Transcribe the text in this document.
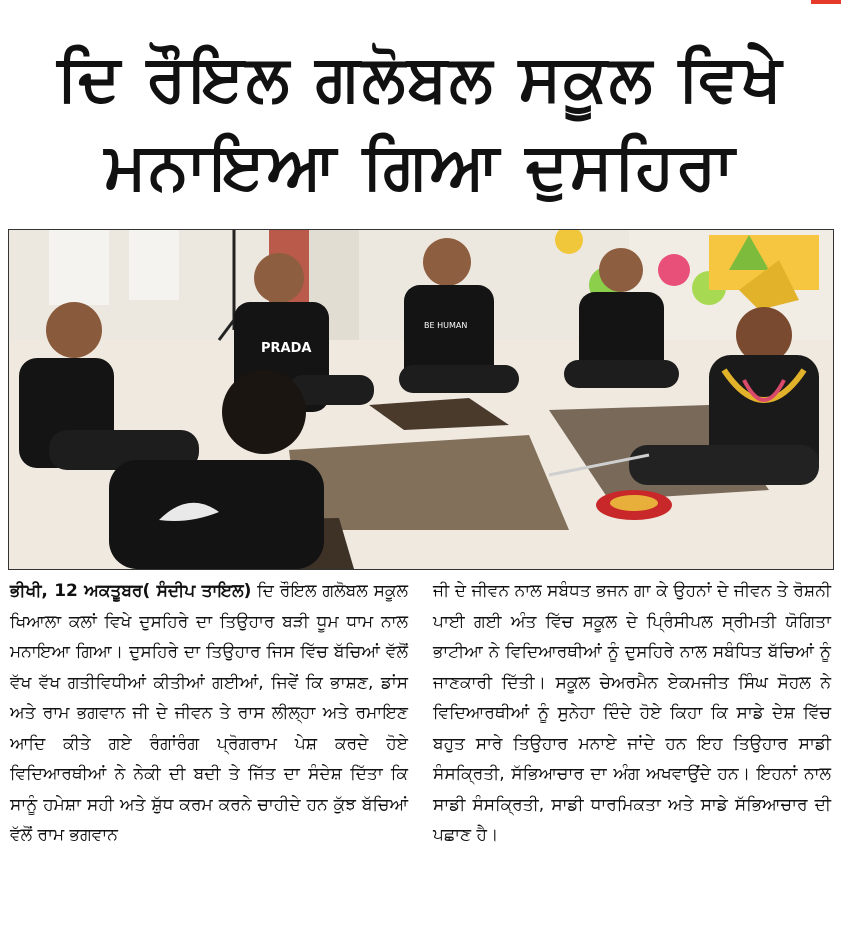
ਦਿ ਰੌਇਲ ਗਲੋਬਲ ਸਕੂਲ ਵਿਖੇ
ਮਨਾਇਆ ਗਿਆ ਦੁਸਹਿਰਾ
PRADA
BE HUMAN
ਭੀਖੀ, 12 ਅਕਤੂਬਰ( ਸੰਦੀਪ ਤਾਇਲ) ਦਿ ਰੌਇਲ ਗਲੋਬਲ ਸਕੂਲ ਖਿਆਲਾ ਕਲਾਂ ਵਿਖੇ ਦੁਸਹਿਰੇ ਦਾ ਤਿਉਹਾਰ ਬੜੀ ਧੂਮ ਧਾਮ ਨਾਲ ਮਨਾਇਆ ਗਿਆ। ਦੁਸਹਿਰੇ ਦਾ ਤਿਉਹਾਰ ਜਿਸ ਵਿੱਚ ਬੱਚਿਆਂ ਵੱਲੋਂ ਵੱਖ ਵੱਖ ਗਤੀਵਿਧੀਆਂ ਕੀਤੀਆਂ ਗਈਆਂ, ਜਿਵੇਂ ਕਿ ਭਾਸ਼ਣ, ਡਾਂਸ ਅਤੇ ਰਾਮ ਭਗਵਾਨ ਜੀ ਦੇ ਜੀਵਨ ਤੇ ਰਾਸ ਲੀਲ੍ਹਾ ਅਤੇ ਰਮਾਇਣ ਆਦਿ ਕੀਤੇ ਗਏ ਰੰਗਾਂਰੰਗ ਪ੍ਰੋਗਰਾਮ ਪੇਸ਼ ਕਰਦੇ ਹੋਏ ਵਿਦਿਆਰਥੀਆਂ ਨੇ ਨੇਕੀ ਦੀ ਬਦੀ ਤੇ ਜਿੱਤ ਦਾ ਸੰਦੇਸ਼ ਦਿੱਤਾ ਕਿ ਸਾਨੂੰ ਹਮੇਸ਼ਾ ਸਹੀ ਅਤੇ ਸ਼ੁੱਧ ਕਰਮ ਕਰਨੇ ਚਾਹੀਦੇ ਹਨ ਕੁੱਝ ਬੱਚਿਆਂ ਵੱਲੋਂ ਰਾਮ ਭਗਵਾਨ
ਜੀ ਦੇ ਜੀਵਨ ਨਾਲ ਸਬੰਧਤ ਭਜਨ ਗਾ ਕੇ ਉਹਨਾਂ ਦੇ ਜੀਵਨ ਤੇ ਰੋਸ਼ਨੀ ਪਾਈ ਗਈ ਅੰਤ ਵਿੱਚ ਸਕੂਲ ਦੇ ਪ੍ਰਿੰਸੀਪਲ ਸ੍ਰੀਮਤੀ ਯੋਗਿਤਾ ਭਾਟੀਆ ਨੇ ਵਿਦਿਆਰਥੀਆਂ ਨੂੰ ਦੁਸਹਿਰੇ ਨਾਲ ਸਬੰਧਿਤ ਬੱਚਿਆਂ ਨੂੰ ਜਾਣਕਾਰੀ ਦਿੱਤੀ। ਸਕੂਲ ਚੇਅਰਮੈਨ ਏਕਮਜੀਤ ਸਿੰਘ ਸੋਹਲ ਨੇ ਵਿਦਿਆਰਥੀਆਂ ਨੂੰ ਸੁਨੇਹਾ ਦਿੰਦੇ ਹੋਏ ਕਿਹਾ ਕਿ ਸਾਡੇ ਦੇਸ਼ ਵਿੱਚ ਬਹੁਤ ਸਾਰੇ ਤਿਉਹਾਰ ਮਨਾਏ ਜਾਂਦੇ ਹਨ ਇਹ ਤਿਉਹਾਰ ਸਾਡੀ ਸੰਸਕ੍ਰਿਤੀ, ਸੱਭਿਆਚਾਰ ਦਾ ਅੰਗ ਅਖਵਾਉਂਦੇ ਹਨ। ਇਹਨਾਂ ਨਾਲ ਸਾਡੀ ਸੰਸਕ੍ਰਿਤੀ, ਸਾਡੀ ਧਾਰਮਿਕਤਾ ਅਤੇ ਸਾਡੇ ਸੱਭਿਆਚਾਰ ਦੀ ਪਛਾਣ ਹੈ।
